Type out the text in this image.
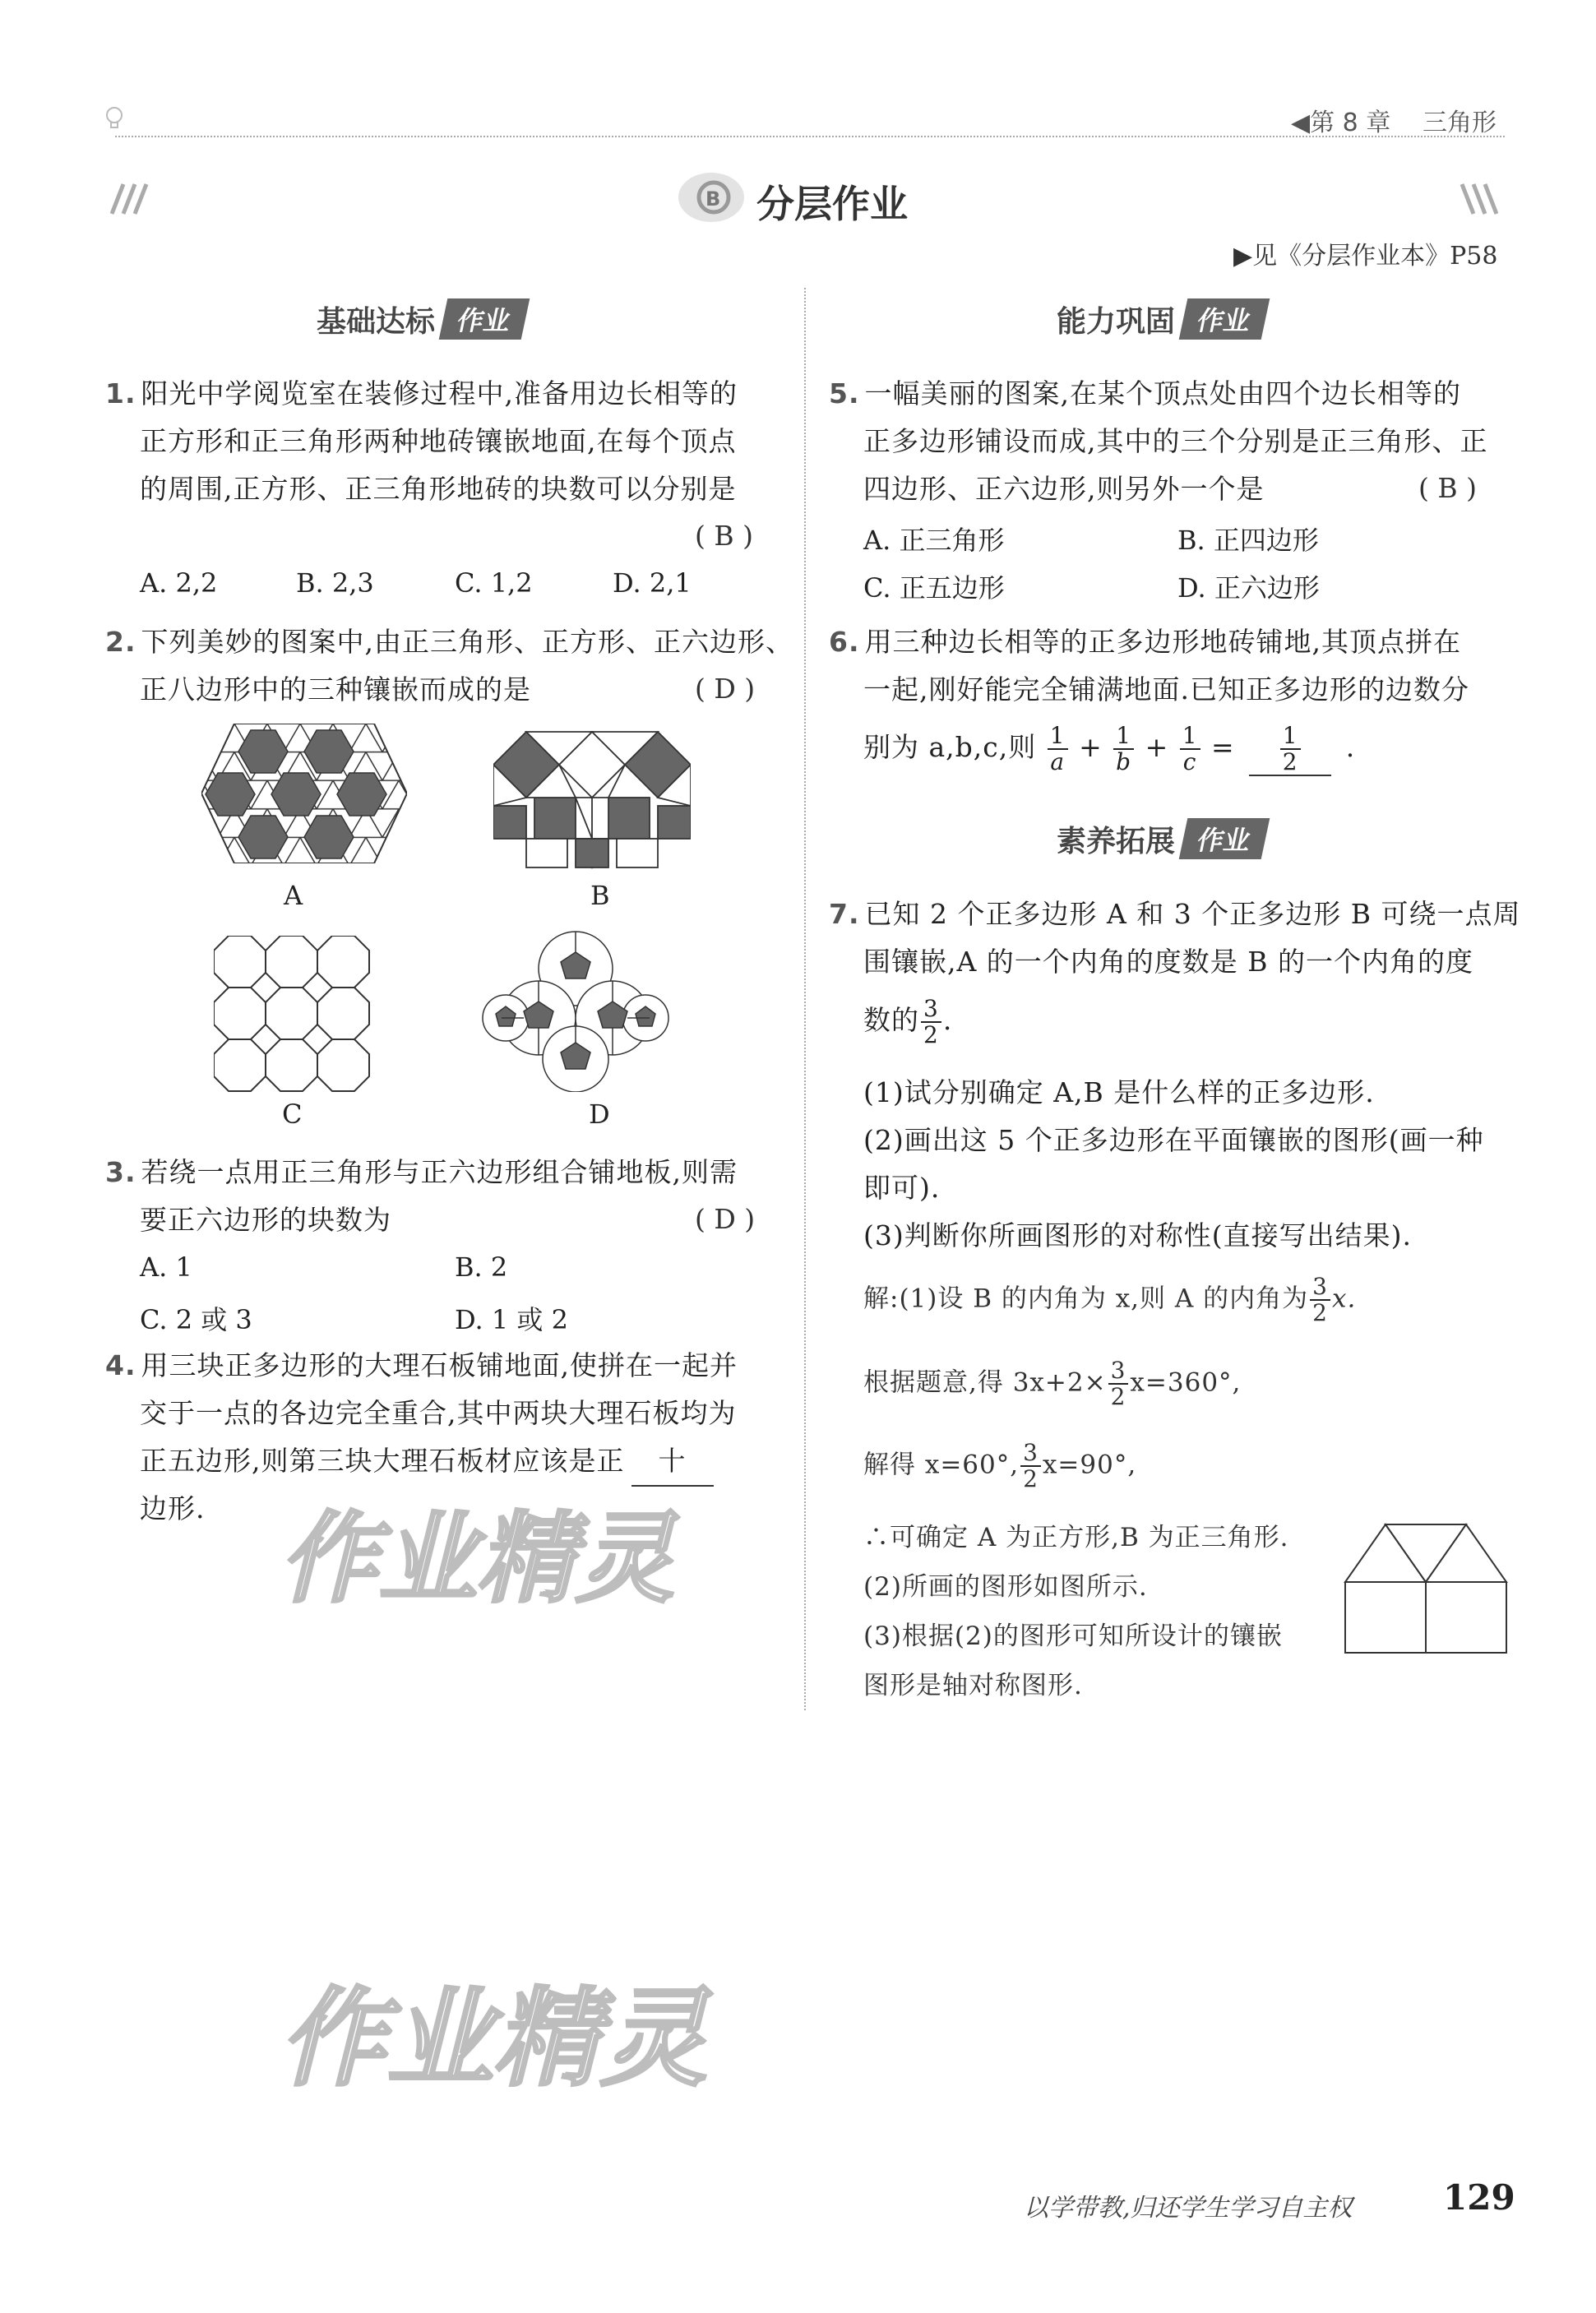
◀第 8 章 三角形
B 分层作业
▶见《分层作业本》P58
基础达标 作业	能力巩固 作业
素养拓展 作业
1. 阳光中学阅览室在装修过程中,准备用边长相等的
正方形和正三角形两种地砖镶嵌地面,在每个顶点
的周围,正方形、正三角形地砖的块数可以分别是
( B )
A. 2,2	B. 2,3	C. 1,2	D. 2,1
2. 下列美妙的图案中,由正三角形、正方形、正六边形、
正八边形中的三种镶嵌而成的是	( D )
A	B
C	D
3. 若绕一点用正三角形与正六边形组合铺地板,则需
要正六边形的块数为	( D )
A. 1	B. 2
C. 2 或 3	D. 1 或 2
4. 用三块正多边形的大理石板铺地面,使拼在一起并
交于一点的各边完全重合,其中两块大理石板均为
正五边形,则第三块大理石板材应该是正 十
边形.
5. 一幅美丽的图案,在某个顶点处由四个边长相等的
正多边形铺设而成,其中的三个分别是正三角形、正
四边形、正六边形,则另外一个是	( B )
A. 正三角形	B. 正四边形
C. 正五边形	D. 正六边形
6. 用三种边长相等的正多边形地砖铺地,其顶点拼在
一起,刚好能完全铺满地面.已知正多边形的边数分
别为 a,b,c,则 $\frac{1}{a} + \frac{1}{b} + \frac{1}{c} = \frac{1}{2}$ .
7. 已知 2 个正多边形 A 和 3 个正多边形 B 可绕一点周
围镶嵌,A 的一个内角的度数是 B 的一个内角的度
数的 $\frac{3}{2}$ .
(1)试分别确定 A,B 是什么样的正多边形.
(2)画出这 5 个正多边形在平面镶嵌的图形(画一种
即可).
(3)判断你所画图形的对称性(直接写出结果).
解:(1)设 B 的内角为 x,则 A 的内角为 $\frac{3}{2} x$.
根据题意,得 $3x+2\times \frac{3}{2} x=360^\circ$,
解得 x=60°, $\frac{3}{2} x=90^\circ$,
∴可确定 A 为正方形,B 为正三角形.
(2)所画的图形如图所示.
(3)根据(2)的图形可知所设计的镶嵌
图形是轴对称图形.
作业精灵
作业精灵
以学带教,归还学生学习自主权	129
